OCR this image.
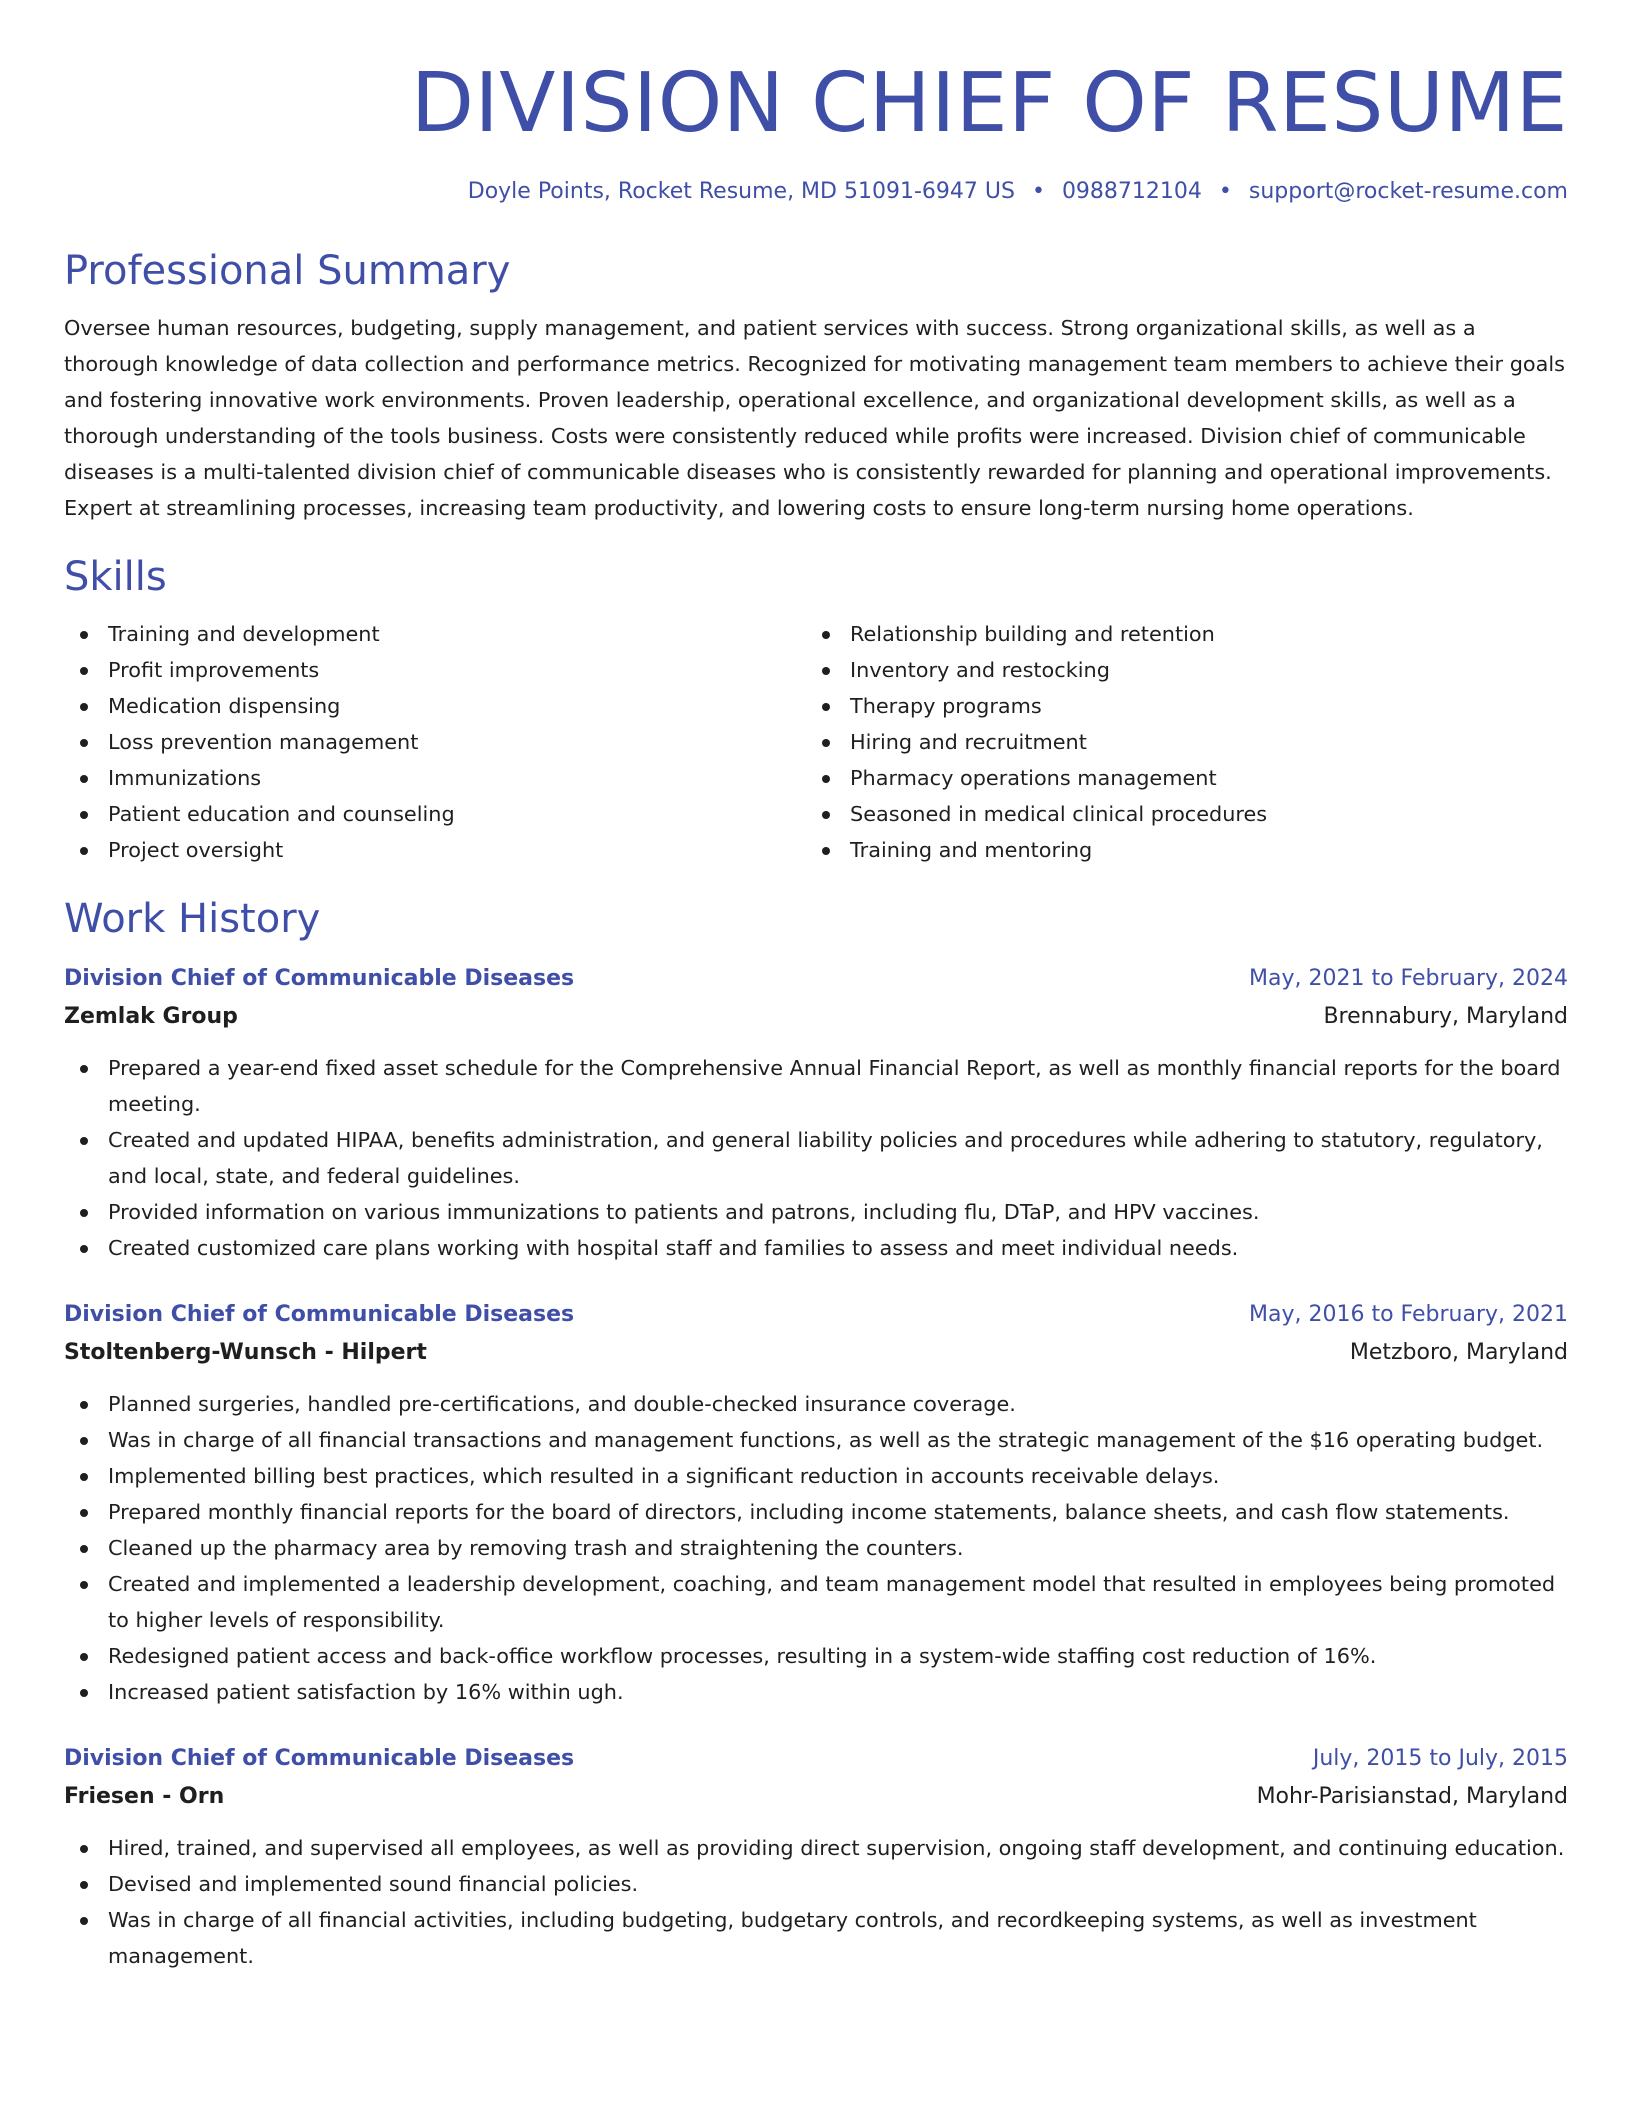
DIVISION CHIEF OF RESUME
Doyle Points, Rocket Resume, MD 51091-6947 US • 0988712104 • support@rocket-resume.com
Professional Summary
Oversee human resources, budgeting, supply management, and patient services with success. Strong organizational skills, as well as a thorough knowledge of data collection and performance metrics. Recognized for motivating management team members to achieve their goals and fostering innovative work environments. Proven leadership, operational excellence, and organizational development skills, as well as a thorough understanding of the tools business. Costs were consistently reduced while profits were increased. Division chief of communicable diseases is a multi-talented division chief of communicable diseases who is consistently rewarded for planning and operational improvements. Expert at streamlining processes, increasing team productivity, and lowering costs to ensure long-term nursing home operations.
Skills
Training and development
Profit improvements
Medication dispensing
Loss prevention management
Immunizations
Patient education and counseling
Project oversight
Relationship building and retention
Inventory and restocking
Therapy programs
Hiring and recruitment
Pharmacy operations management
Seasoned in medical clinical procedures
Training and mentoring
Work History
Division Chief of Communicable Diseases	May, 2021 to February, 2024
Zemlak Group	Brennabury, Maryland
Prepared a year-end fixed asset schedule for the Comprehensive Annual Financial Report, as well as monthly financial reports for the board meeting.
Created and updated HIPAA, benefits administration, and general liability policies and procedures while adhering to statutory, regulatory, and local, state, and federal guidelines.
Provided information on various immunizations to patients and patrons, including flu, DTaP, and HPV vaccines.
Created customized care plans working with hospital staff and families to assess and meet individual needs.
Division Chief of Communicable Diseases	May, 2016 to February, 2021
Stoltenberg-Wunsch - Hilpert	Metzboro, Maryland
Planned surgeries, handled pre-certifications, and double-checked insurance coverage.
Was in charge of all financial transactions and management functions, as well as the strategic management of the $16 operating budget.
Implemented billing best practices, which resulted in a significant reduction in accounts receivable delays.
Prepared monthly financial reports for the board of directors, including income statements, balance sheets, and cash flow statements.
Cleaned up the pharmacy area by removing trash and straightening the counters.
Created and implemented a leadership development, coaching, and team management model that resulted in employees being promoted to higher levels of responsibility.
Redesigned patient access and back-office workflow processes, resulting in a system-wide staffing cost reduction of 16%.
Increased patient satisfaction by 16% within ugh.
Division Chief of Communicable Diseases	July, 2015 to July, 2015
Friesen - Orn	Mohr-Parisianstad, Maryland
Hired, trained, and supervised all employees, as well as providing direct supervision, ongoing staff development, and continuing education.
Devised and implemented sound financial policies.
Was in charge of all financial activities, including budgeting, budgetary controls, and recordkeeping systems, as well as investment management.
